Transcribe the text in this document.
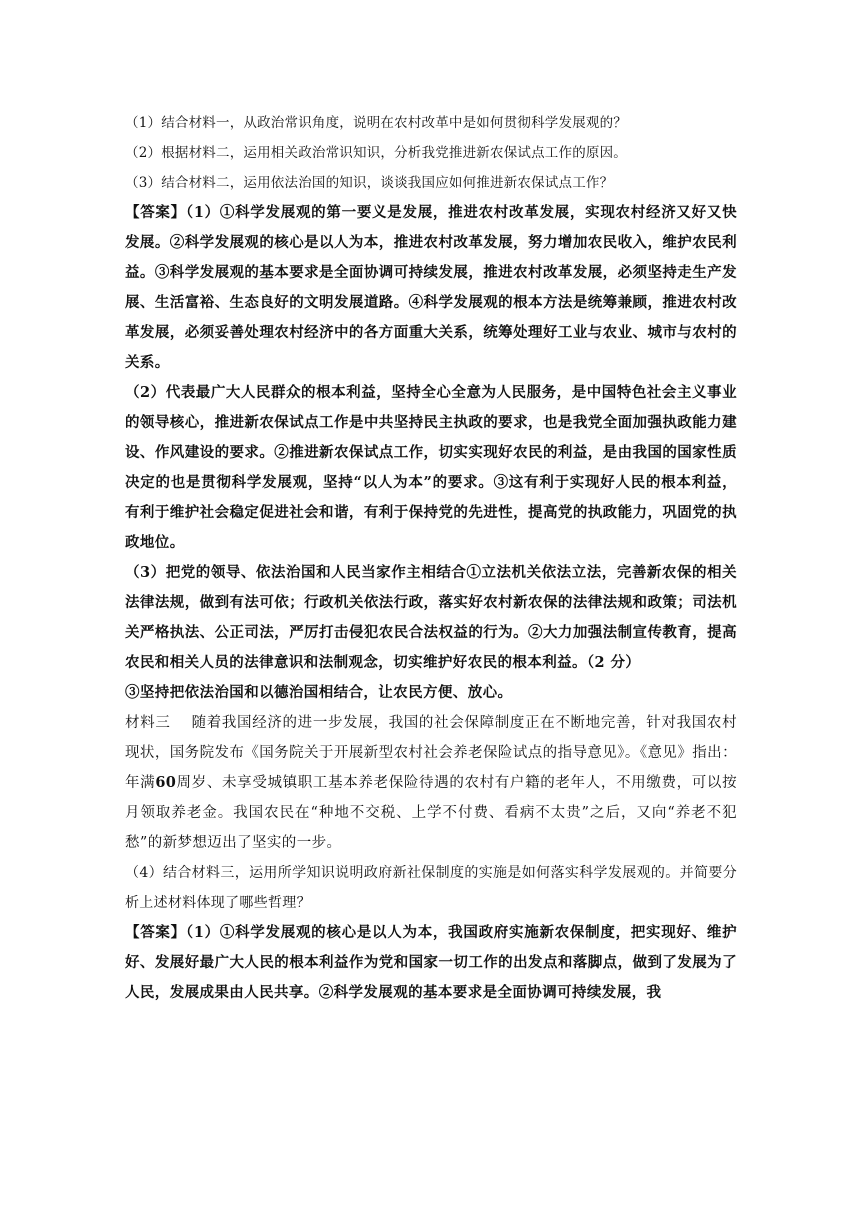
（1）结合材料一，从政治常识角度，说明在农村改革中是如何贯彻科学发展观的？

（2）根据材料二，运用相关政治常识知识，分析我党推进新农保试点工作的原因。

（3）结合材料二，运用依法治国的知识，谈谈我国应如何推进新农保试点工作？

【答案】（1）①科学发展观的第一要义是发展，推进农村改革发展，实现农村经济又好又快发展。②科学发展观的核心是以人为本，推进农村改革发展，努力增加农民收入，维护农民利益。③科学发展观的基本要求是全面协调可持续发展，推进农村改革发展，必须坚持走生产发展、生活富裕、生态良好的文明发展道路。④科学发展观的根本方法是统筹兼顾，推进农村改革发展，必须妥善处理农村经济中的各方面重大关系，统筹处理好工业与农业、城市与农村的关系。

（2）代表最广大人民群众的根本利益，坚持全心全意为人民服务，是中国特色社会主义事业的领导核心，推进新农保试点工作是中共坚持民主执政的要求，也是我党全面加强执政能力建设、作风建设的要求。②推进新农保试点工作，切实实现好农民的利益，是由我国的国家性质决定的也是贯彻科学发展观，坚持“以人为本”的要求。③这有利于实现好人民的根本利益，有利于维护社会稳定促进社会和谐，有利于保持党的先进性，提高党的执政能力，巩固党的执政地位。

（3）把党的领导、依法治国和人民当家作主相结合①立法机关依法立法，完善新农保的相关法律法规，做到有法可依；行政机关依法行政，落实好农村新农保的法律法规和政策；司法机关严格执法、公正司法，严厉打击侵犯农民合法权益的行为。②大力加强法制宣传教育，提高农民和相关人员的法律意识和法制观念，切实维护好农民的根本利益。（2 分）
③坚持把依法治国和以德治国相结合，让农民方便、放心。

材料三 随着我国经济的进一步发展，我国的社会保障制度正在不断地完善，针对我国农村现状，国务院发布《国务院关于开展新型农村社会养老保险试点的指导意见》。《意见》指出：年满60周岁、未享受城镇职工基本养老保险待遇的农村有户籍的老年人，不用缴费，可以按月领取养老金。我国农民在“种地不交税、上学不付费、看病不太贵”之后，又向“养老不犯愁”的新梦想迈出了坚实的一步。

（4）结合材料三，运用所学知识说明政府新社保制度的实施是如何落实科学发展观的。并简要分析上述材料体现了哪些哲理？

【答案】（1）①科学发展观的核心是以人为本，我国政府实施新农保制度，把实现好、维护好、发展好最广大人民的根本利益作为党和国家一切工作的出发点和落脚点，做到了发展为了人民，发展成果由人民共享。②科学发展观的基本要求是全面协调可持续发展，我
